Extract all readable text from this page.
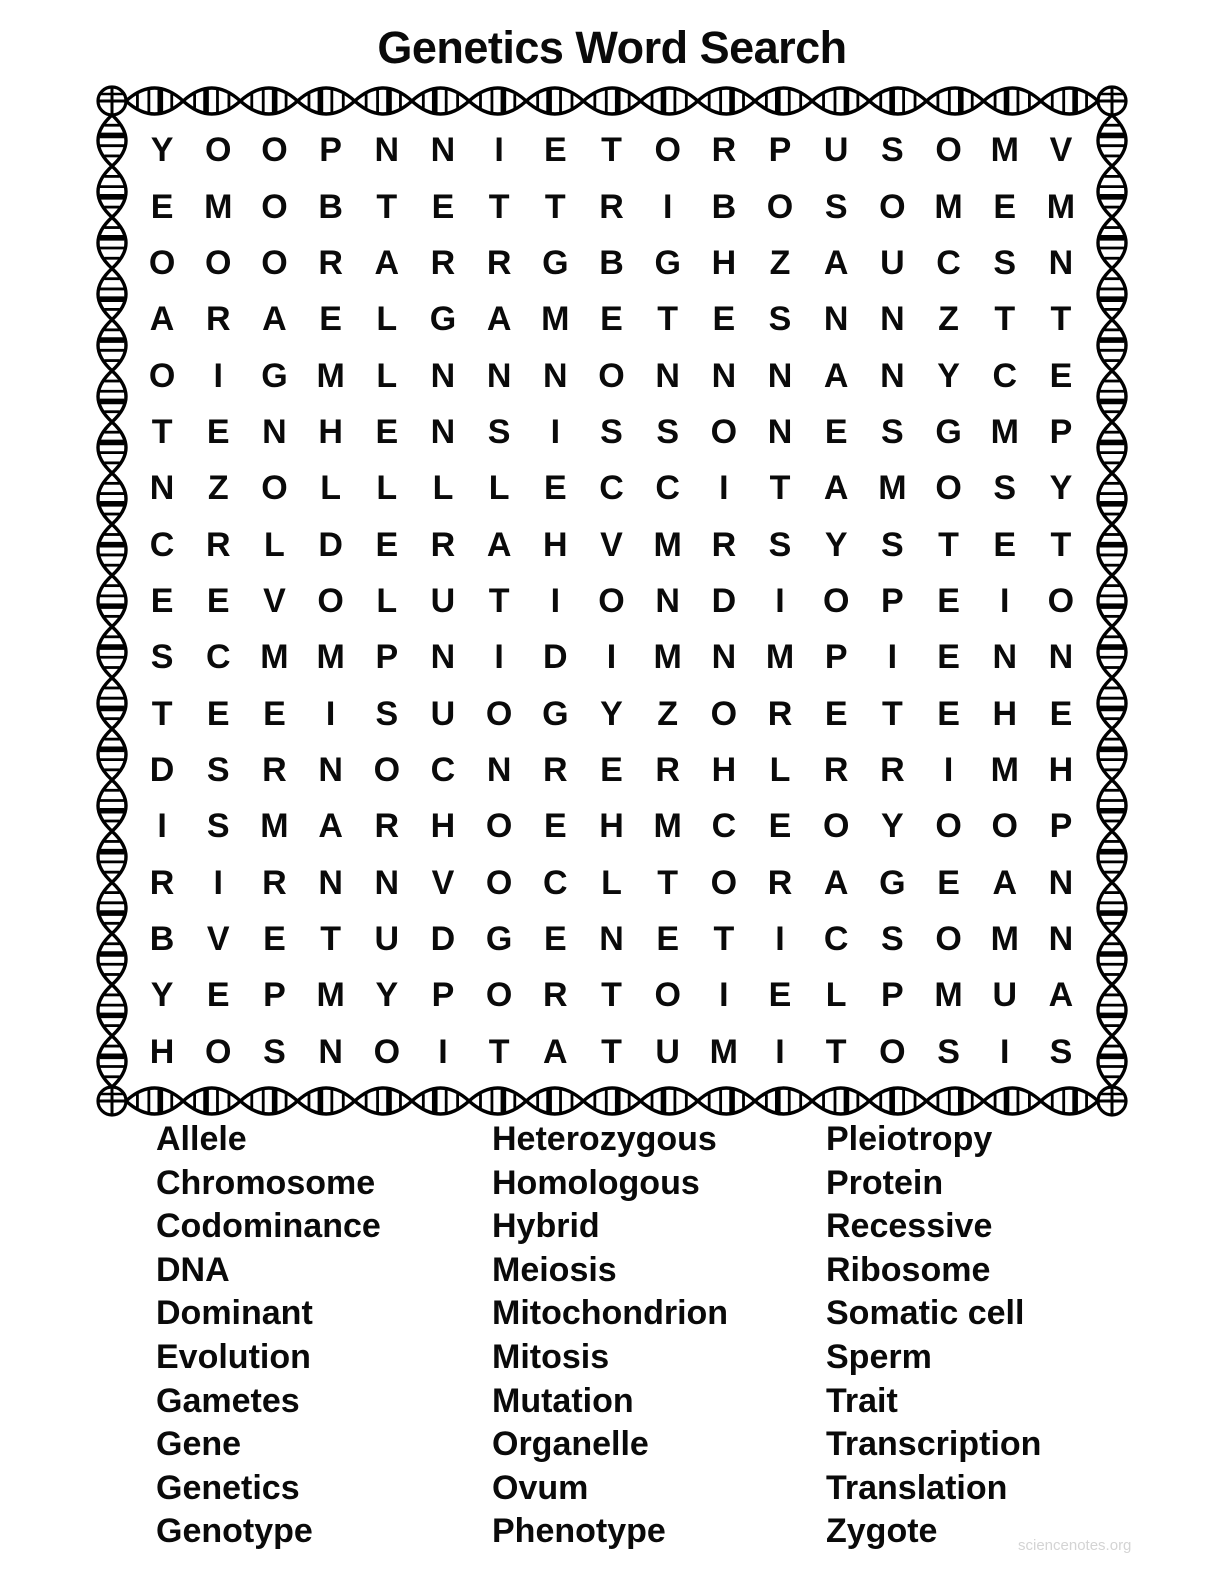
Genetics Word Search
Y O O P N N	I	E	T O R P U S O M V
E M O B T	E	T	T R	I	B O S O M E M
O O O R A R R G B G H Z A U C S N
A R A E	L G A M E	T	E S N N Z	T	T
O	I	G M L N N N O N N N A N Y C E
T	E N H E N S	I	S S O N E S G M P
N Z O L	L	L	L	E C C	I	T A M O S Y
C R L D E R A H V M R S Y S	T	E	T
E E V O L U T	I	O N D	I	O P E	I	O
S C M M P N	I	D	I	M N M P	I	E N N
T	E E	I	S U O G Y	Z O R E	T	E H E
D S R N O C N R E R H L R R	I	M H
I	S M A R H O E H M C E O Y O O P
R	I	R N N V O C L	T O R A G E A N
B V E	T U D G E N E	T	I	C S O M N
Y E P M Y P O R T O	I	E	L	P M U A
H O S N O	I	T A T U M	I	T O S	I	S
Allele
Chromosome
Codominance
DNA
Dominant
Evolution
Gametes
Gene
Genetics
Genotype
Heterozygous
Homologous
Hybrid
Meiosis
Mitochondrion
Mitosis
Mutation
Organelle
Ovum
Phenotype
Pleiotropy
Protein
Recessive
Ribosome
Somatic cell
Sperm
Trait
Transcription
Translation
Zygote	sciencenotes.org
